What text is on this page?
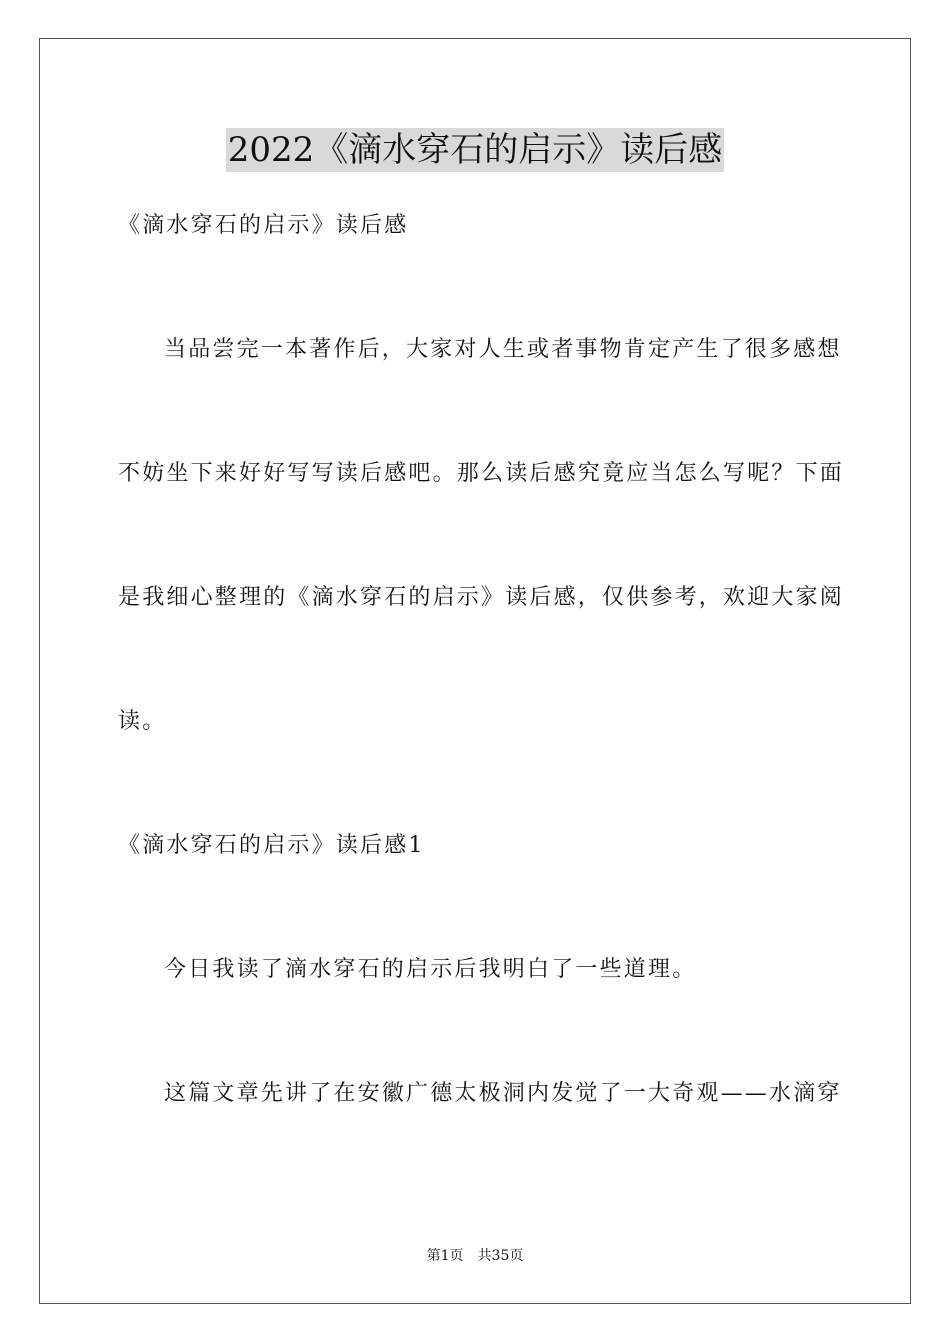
2022《滴水穿石的启示》读后感
《滴水穿石的启示》读后感
当品尝完一本著作后，大家对人生或者事物肯定产生了很多感想
不妨坐下来好好写写读后感吧。那么读后感究竟应当怎么写呢？下面
是我细心整理的《滴水穿石的启示》读后感，仅供参考，欢迎大家阅
读。
《滴水穿石的启示》读后感1
今日我读了滴水穿石的启示后我明白了一些道理。
这篇文章先讲了在安徽广德太极洞内发觉了一大奇观——水滴穿
第1页　共35页
